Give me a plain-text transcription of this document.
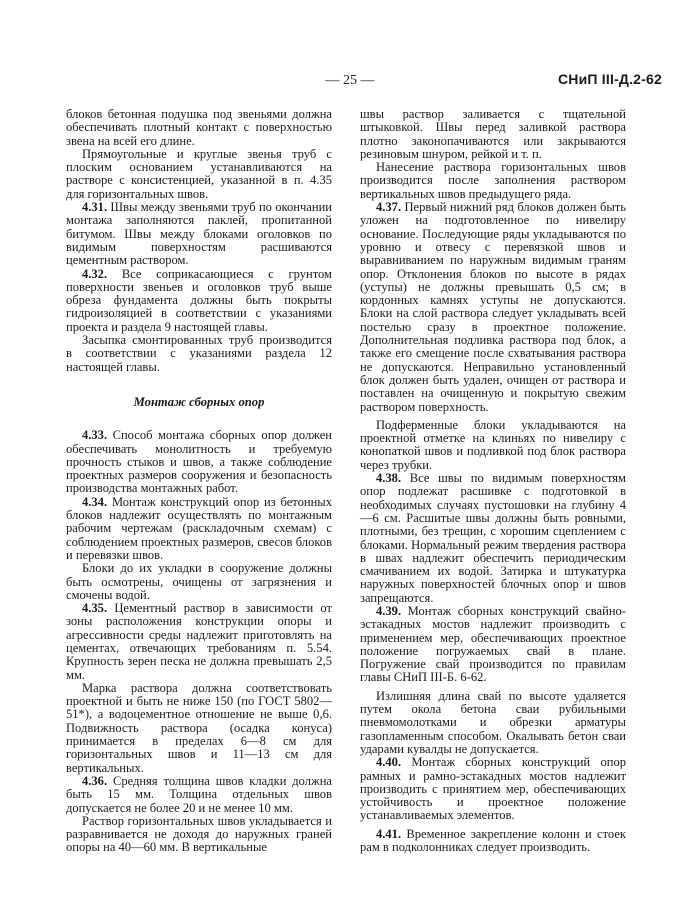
— 25 —	СНиП III-Д.2-62

блоков бетонная подушка под звеньями должна обеспечивать плотный контакт с поверхностью звена на всей его длине.

Прямоугольные и круглые звенья труб с плоским основанием устанавливаются на растворе с консистенцией, указанной в п. 4.35 для горизонтальных швов.

4.31. Швы между звеньями труб по окончании монтажа заполняются паклей, пропитанной битумом. Швы между блоками оголовков по видимым поверхностям расшиваются цементным раствором.

4.32. Все соприкасающиеся с грунтом поверхности звеньев и оголовков труб выше обреза фундамента должны быть покрыты гидроизоляцией в соответствии с указаниями проекта и раздела 9 настоящей главы.

Засыпка смонтированных труб производится в соответствии с указаниями раздела 12 настоящей главы.

Монтаж сборных опор

4.33. Способ монтажа сборных опор должен обеспечивать монолитность и требуемую прочность стыков и швов, а также соблюдение проектных размеров сооружения и безопасность производства монтажных работ.

4.34. Монтаж конструкций опор из бетонных блоков надлежит осуществлять по монтажным рабочим чертежам (раскладочным схемам) с соблюдением проектных размеров, свесов блоков и перевязки швов.

Блоки до их укладки в сооружение должны быть осмотрены, очищены от загрязнения и смочены водой.

4.35. Цементный раствор в зависимости от зоны расположения конструкции опоры и агрессивности среды надлежит приготовлять на цементах, отвечающих требованиям п. 5.54. Крупность зерен песка не должна превышать 2,5 мм.

Марка раствора должна соответствовать проектной и быть не ниже 150 (по ГОСТ 5802—51*), а водоцементное отношение не выше 0,6. Подвижность раствора (осадка конуса) принимается в пределах 6—8 см для горизонтальных швов и 11—13 см для вертикальных.

4.36. Средняя толщина швов кладки должна быть 15 мм. Толщина отдельных швов допускается не более 20 и не менее 10 мм.

Раствор горизонтальных швов укладывается и разравнивается не доходя до наружных граней опоры на 40—60 мм. В вертикальные

швы раствор заливается с тщательной штыковкой. Швы перед заливкой раствора плотно законопачиваются или закрываются резиновым шнуром, рейкой и т. п.

Нанесение раствора горизонтальных швов производится после заполнения раствором вертикальных швов предыдущего ряда.

4.37. Первый нижний ряд блоков должен быть уложен на подготовленное по нивелиру основание. Последующие ряды укладываются по уровню и отвесу с перевязкой швов и выравниванием по наружным видимым граням опор. Отклонения блоков по высоте в рядах (уступы) не должны превышать 0,5 см; в кордонных камнях уступы не допускаются. Блоки на слой раствора следует укладывать всей постелью сразу в проектное положение. Дополнительная подливка раствора под блок, а также его смещение после схватывания раствора не допускаются. Неправильно установленный блок должен быть удален, очищен от раствора и поставлен на очищенную и покрытую свежим раствором поверхность.

Подферменные блоки укладываются на проектной отметке на клиньях по нивелиру с конопаткой швов и подливкой под блок раствора через трубки.

4.38. Все швы по видимым поверхностям опор подлежат расшивке с подготовкой в необходимых случаях пустошовки на глубину 4—6 см. Расшитые швы должны быть ровными, плотными, без трещин, с хорошим сцеплением с блоками. Нормальный режим твердения раствора в швах надлежит обеспечить периодическим смачиванием их водой. Затирка и штукатурка наружных поверхностей блочных опор и швов запрещаются.

4.39. Монтаж сборных конструкций свайно-эстакадных мостов надлежит производить с применением мер, обеспечивающих проектное положение погружаемых свай в плане. Погружение свай производится по правилам главы СНиП III-Б. 6-62.

Излишняя длина свай по высоте удаляется путем окола бетона сваи рубильными пневмомолотками и обрезки арматуры газопламенным способом. Окалывать бетон сваи ударами кувалды не допускается.

4.40. Монтаж сборных конструкций опор рамных и рамно-эстакадных мостов надлежит производить с принятием мер, обеспечивающих устойчивость и проектное положение устанавливаемых элементов.

4.41. Временное закрепление колонн и стоек рам в подколонниках следует производить.
